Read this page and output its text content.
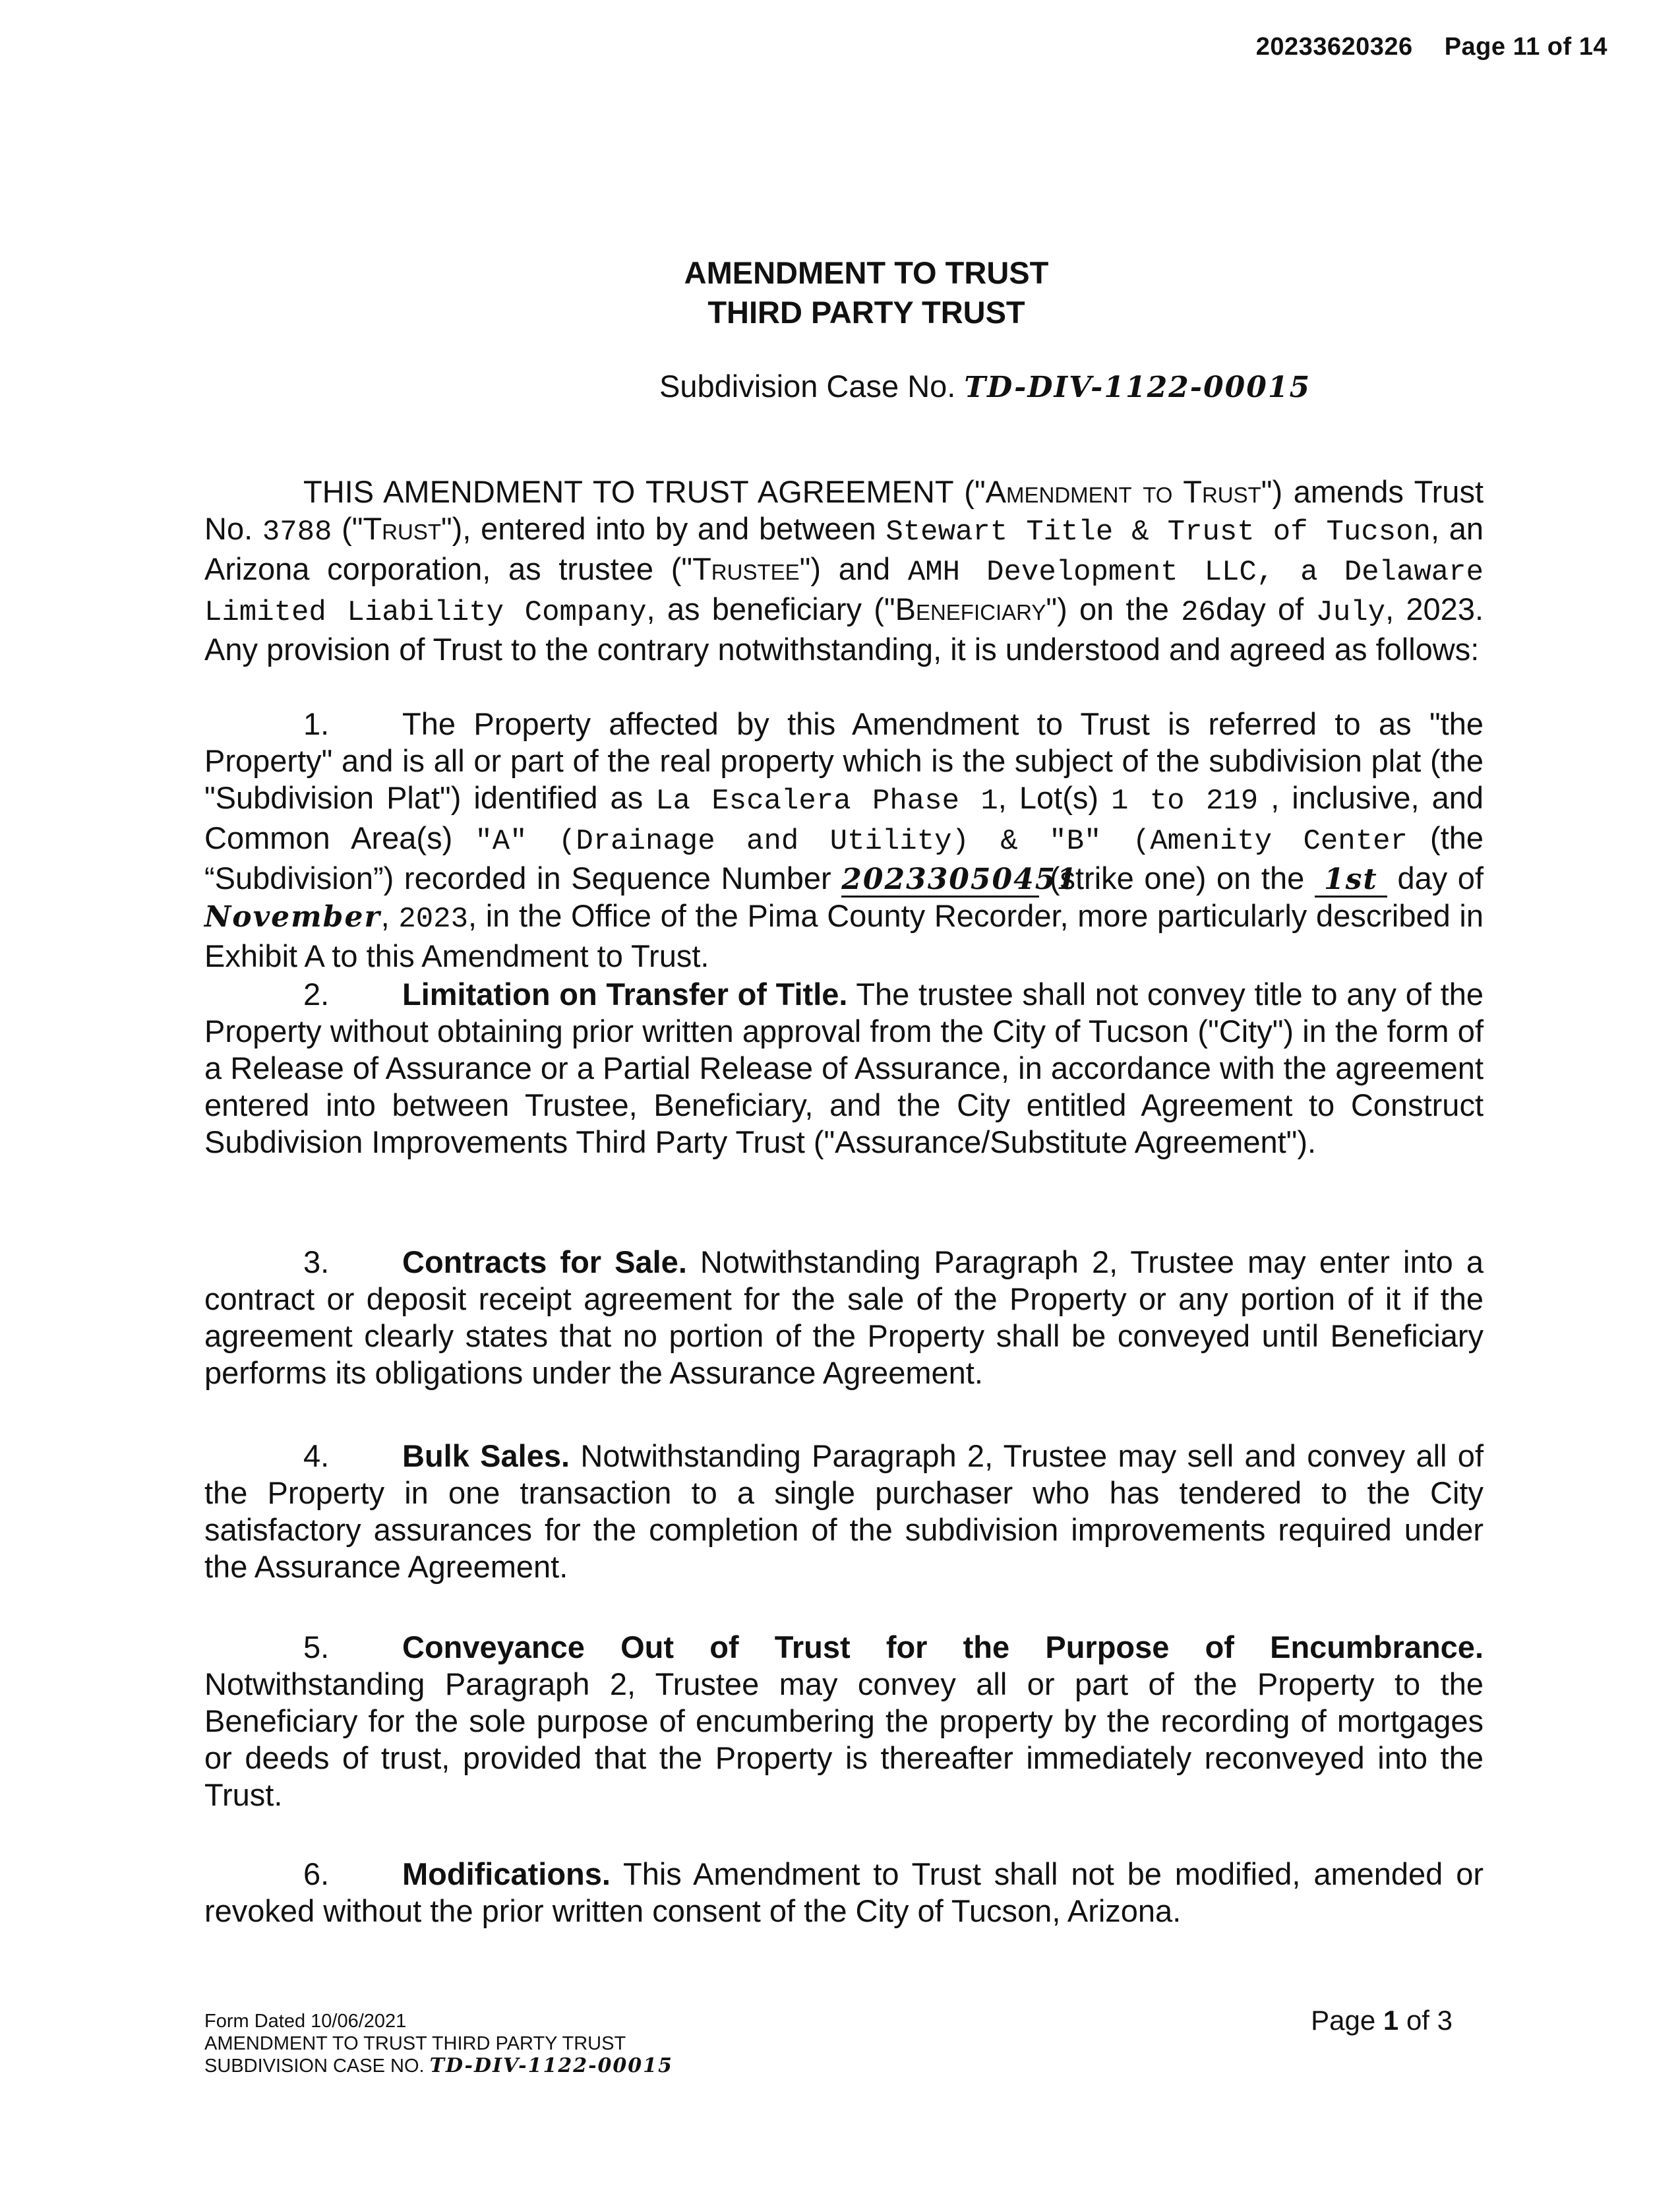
20233620326 Page 11 of 14
AMENDMENT TO TRUST
THIRD PARTY TRUST
Subdivision Case No. TD-DIV-1122-00015
THIS AMENDMENT TO TRUST AGREEMENT ("Amendment to Trust") amends Trust No. 3788 ("Trust"), entered into by and between Stewart Title & Trust of Tucson, an Arizona corporation, as trustee ("Trustee") and AMH Development LLC, a Delaware Limited Liability Company, as beneficiary ("Beneficiary") on the 26day of July, 2023. Any provision of Trust to the contrary notwithstanding, it is understood and agreed as follows:
1. The Property affected by this Amendment to Trust is referred to as "the Property" and is all or part of the real property which is the subject of the subdivision plat (the "Subdivision Plat") identified as La Escalera Phase 1, Lot(s) 1 to 219 , inclusive, and Common Area(s) "A" (Drainage and Utility) & "B" (Amenity Center (the “Subdivision”) recorded in Sequence Number 20233050451 (strike one) on the 1st day of November, 2023, in the Office of the Pima County Recorder, more particularly described in Exhibit A to this Amendment to Trust.
2. Limitation on Transfer of Title. The trustee shall not convey title to any of the Property without obtaining prior written approval from the City of Tucson ("City") in the form of a Release of Assurance or a Partial Release of Assurance, in accordance with the agreement entered into between Trustee, Beneficiary, and the City entitled Agreement to Construct Subdivision Improvements Third Party Trust ("Assurance/Substitute Agreement").
3. Contracts for Sale. Notwithstanding Paragraph 2, Trustee may enter into a contract or deposit receipt agreement for the sale of the Property or any portion of it if the agreement clearly states that no portion of the Property shall be conveyed until Beneficiary performs its obligations under the Assurance Agreement.
4. Bulk Sales. Notwithstanding Paragraph 2, Trustee may sell and convey all of the Property in one transaction to a single purchaser who has tendered to the City satisfactory assurances for the completion of the subdivision improvements required under the Assurance Agreement.
5. Conveyance Out of Trust for the Purpose of Encumbrance. Notwithstanding Paragraph 2, Trustee may convey all or part of the Property to the Beneficiary for the sole purpose of encumbering the property by the recording of mortgages or deeds of trust, provided that the Property is thereafter immediately reconveyed into the Trust.
6. Modifications. This Amendment to Trust shall not be modified, amended or revoked without the prior written consent of the City of Tucson, Arizona.
Form Dated 10/06/2021
AMENDMENT TO TRUST THIRD PARTY TRUST
SUBDIVISION CASE NO. TD-DIV-1122-00015
Page 1 of 3
